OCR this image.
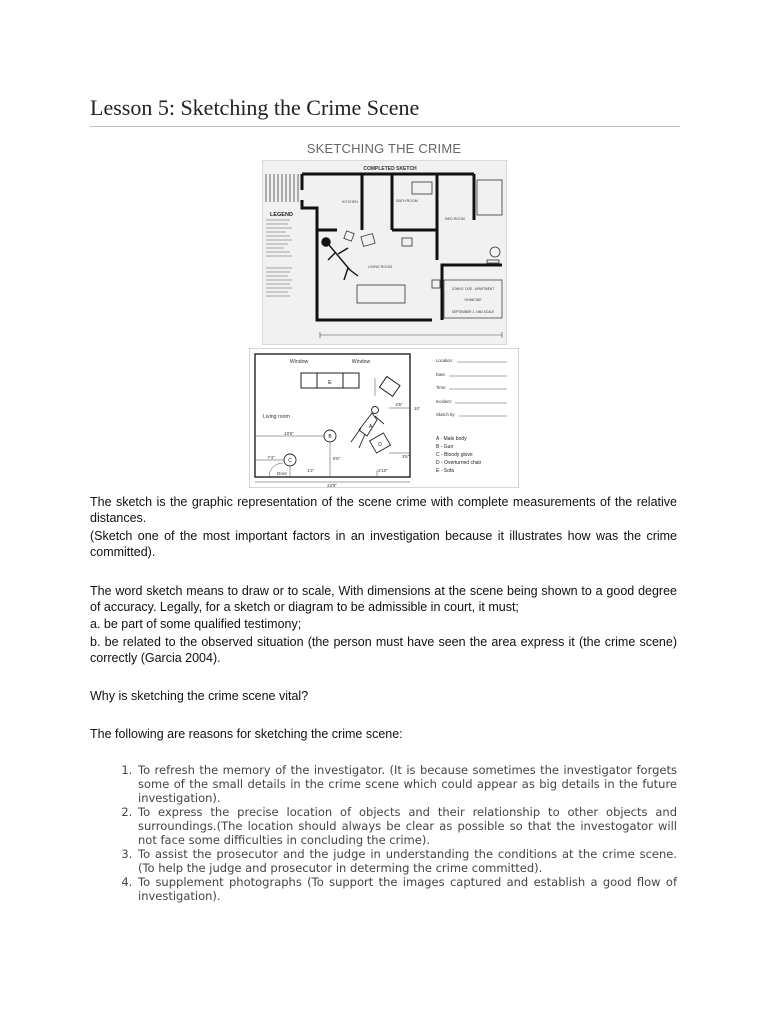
Lesson 5: Sketching the Crime Scene
SKETCHING THE CRIME
COMPLETED SKETCH
LEGEND
KITCHEN	BATH ROOM
BED ROOM
LIVING ROOM
JOHN E. DOE - APARTMENT
HOMICIDE
SEPTEMBER 1, 1964 SCALE
Window	Window
E
Living room
A
B
C
D
4'6"
10'
10'6"
5'6"
7'4"
1'2"
3'6"
2'10"
22'5"
Door
Location:
Date:
Time:
Incident:
Sketch by:
A - Male body
B - Gun
C - Bloody glove
D - Overturned chair
E - Sofa

The sketch is the graphic representation of the scene crime with complete measurements of the relative distances.

(Sketch one of the most important factors in an investigation because it illustrates how was the crime committed).

The word sketch means to draw or to scale, With dimensions at the scene being shown to a good degree of accuracy. Legally, for a sketch or diagram to be admissible in court, it must;

a. be part of some qualified testimony;

b. be related to the observed situation (the person must have seen the area express it (the crime scene) correctly (Garcia 2004).

Why is sketching the crime scene vital?

The following are reasons for sketching the crime scene:

1. To refresh the memory of the investigator. (It is because sometimes the investigator forgets some of the small details in the crime scene which could appear as big details in the future investigation).
2. To express the precise location of objects and their relationship to other objects and surroundings.(The location should always be clear as possible so that the investogator will not face some difficulties in concluding the crime).
3. To assist the prosecutor and the judge in understanding the conditions at the crime scene. (To help the judge and prosecutor in determing the crime committed).
4. To supplement photographs (To support the images captured and establish a good flow of investigation).
